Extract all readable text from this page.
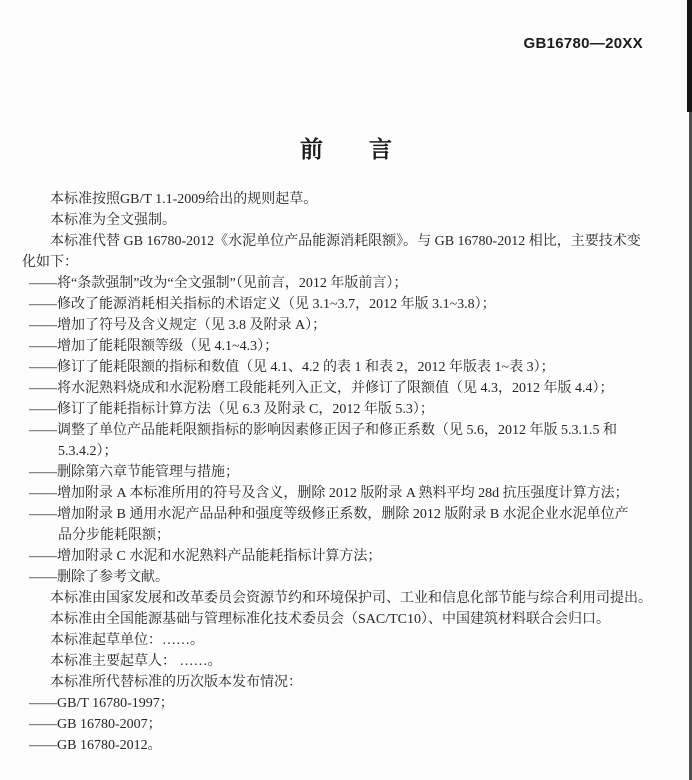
GB16780—20XX
前　　言

本标准按照GB/T 1.1-2009给出的规则起草。

本标准为全文强制。

本标准代替 GB 16780-2012《水泥单位产品能源消耗限额》。与 GB 16780-2012 相比，主要技术变

化如下：

——将“条款强制”改为“全文强制”（见前言，2012 年版前言）；

——修改了能源消耗相关指标的术语定义（见 3.1~3.7，2012 年版 3.1~3.8）；

——增加了符号及含义规定（见 3.8 及附录 A）；

——增加了能耗限额等级（见 4.1~4.3）；

——修订了能耗限额的指标和数值（见 4.1、4.2 的表 1 和表 2，2012 年版表 1~表 3）；

——将水泥熟料烧成和水泥粉磨工段能耗列入正文，并修订了限额值（见 4.3，2012 年版 4.4）；

——修订了能耗指标计算方法（见 6.3 及附录 C，2012 年版 5.3）；

——调整了单位产品能耗限额指标的影响因素修正因子和修正系数（见 5.6，2012 年版 5.3.1.5 和

5.3.4.2）；

——删除第六章节能管理与措施；

——增加附录 A 本标准所用的符号及含义，删除 2012 版附录 A 熟料平均 28d 抗压强度计算方法；

——增加附录 B 通用水泥产品品种和强度等级修正系数，删除 2012 版附录 B 水泥企业水泥单位产

品分步能耗限额；

——增加附录 C 水泥和水泥熟料产品能耗指标计算方法；

——删除了参考文献。

本标准由国家发展和改革委员会资源节约和环境保护司、工业和信息化部节能与综合利用司提出。

本标准由全国能源基础与管理标准化技术委员会（SAC/TC10）、中国建筑材料联合会归口。

本标准起草单位：……。

本标准主要起草人： ……。

本标准所代替标准的历次版本发布情况：

——GB/T 16780-1997；

——GB 16780-2007；

——GB 16780-2012。
